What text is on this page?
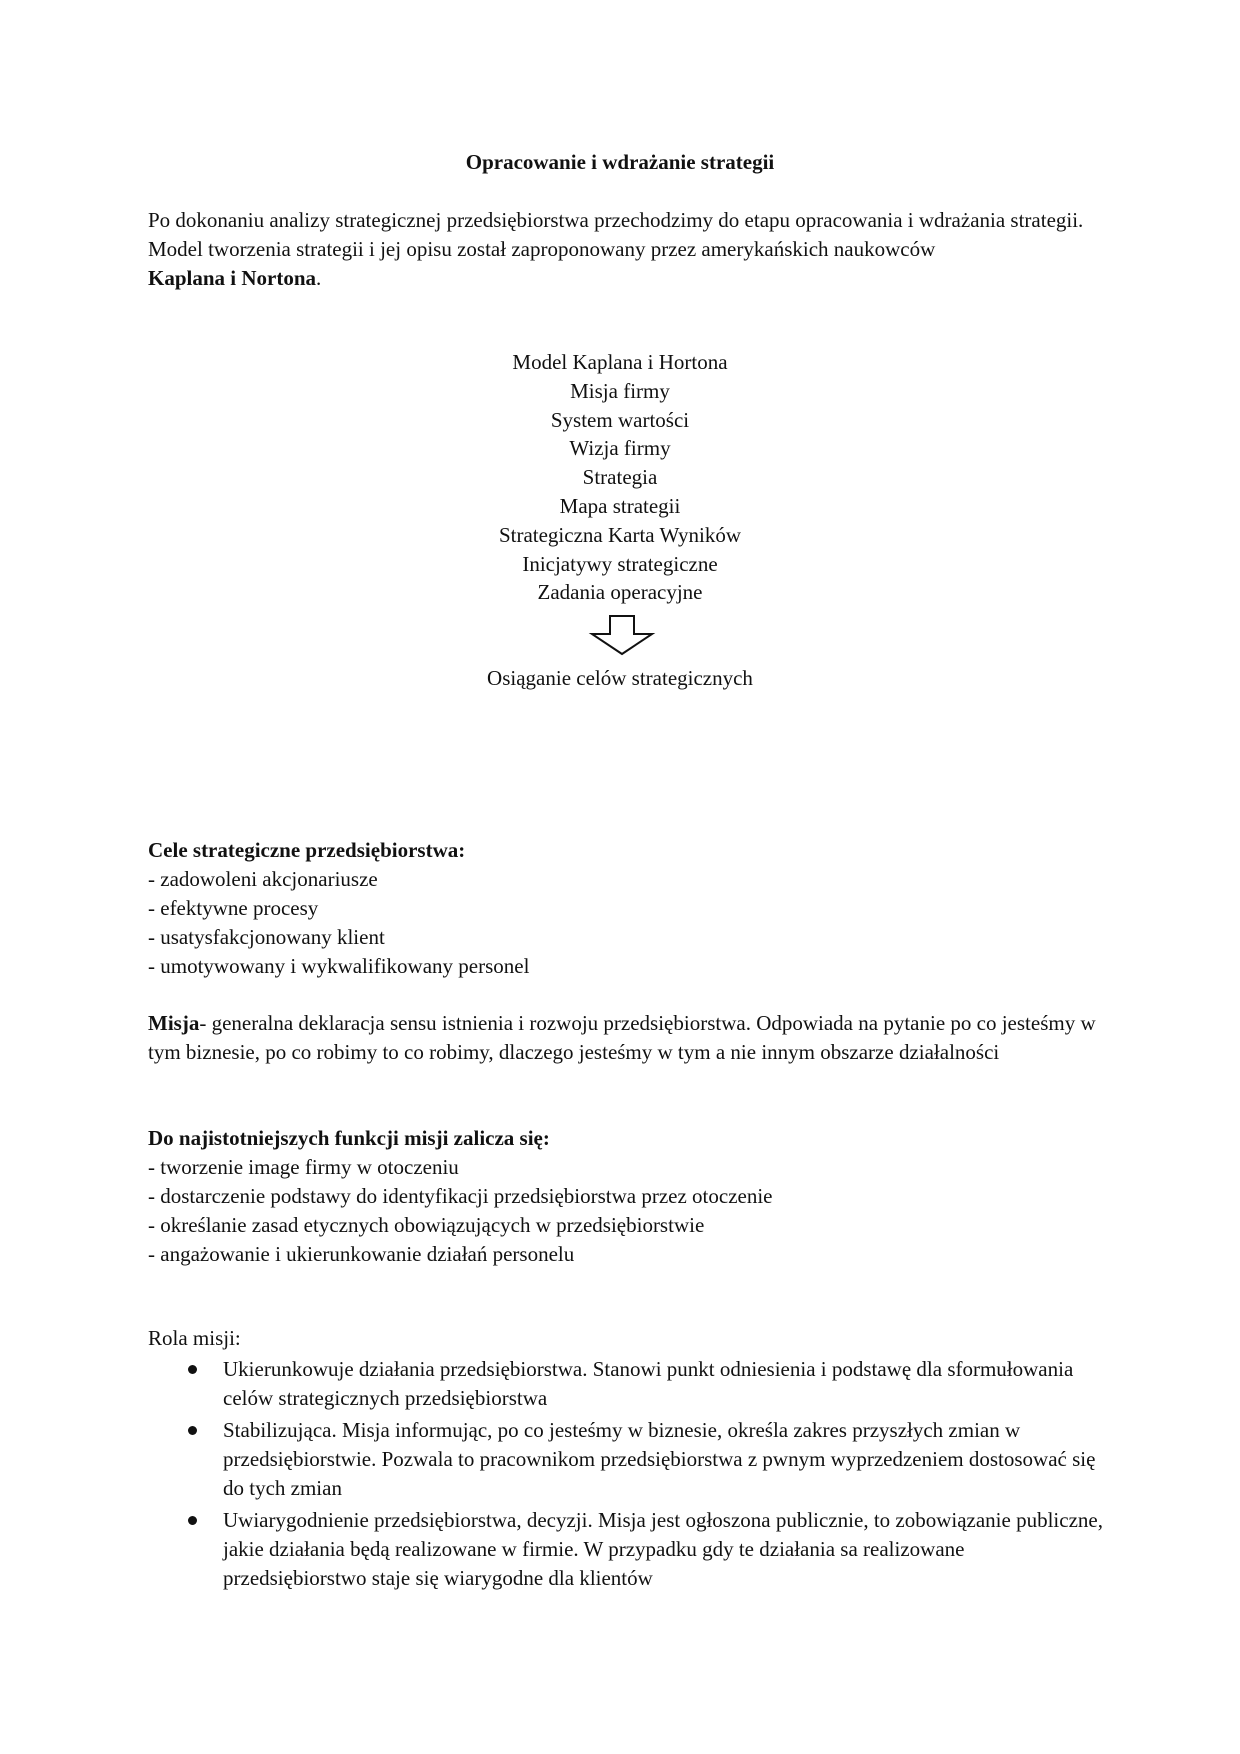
Opracowanie i wdrażanie strategii

Po dokonaniu analizy strategicznej przedsiębiorstwa przechodzimy do etapu opracowania i wdrażania strategii.

Model tworzenia strategii i jej opisu został zaproponowany przez amerykańskich naukowców
Kaplana i Nortona.

Model Kaplana i Hortona
Misja firmy
System wartości
Wizja firmy
Strategia
Mapa strategii
Strategiczna Karta Wyników
Inicjatywy strategiczne
Zadania operacyjne
Osiąganie celów strategicznych

Cele strategiczne przedsiębiorstwa:

- zadowoleni akcjonariusze
- efektywne procesy
- usatysfakcjonowany klient
- umotywowany i wykwalifikowany personel

Misja- generalna deklaracja sensu istnienia i rozwoju przedsiębiorstwa. Odpowiada na pytanie po co jesteśmy w tym biznesie, po co robimy to co robimy, dlaczego jesteśmy w tym a nie innym obszarze działalności

Do najistotniejszych funkcji misji zalicza się:

- tworzenie image firmy w otoczeniu
- dostarczenie podstawy do identyfikacji przedsiębiorstwa przez otoczenie
- określanie zasad etycznych obowiązujących w przedsiębiorstwie
- angażowanie i ukierunkowanie działań personelu

Rola misji:

Ukierunkowuje działania przedsiębiorstwa. Stanowi punkt odniesienia i podstawę dla sformułowania celów strategicznych przedsiębiorstwa
Stabilizująca. Misja informując, po co jesteśmy w biznesie, określa zakres przyszłych zmian w przedsiębiorstwie. Pozwala to pracownikom przedsiębiorstwa z pwnym wyprzedzeniem dostosować się do tych zmian
Uwiarygodnienie przedsiębiorstwa, decyzji. Misja jest ogłoszona publicznie, to zobowiązanie publiczne, jakie działania będą realizowane w firmie. W przypadku gdy te działania sa realizowane przedsiębiorstwo staje się wiarygodne dla klientów
